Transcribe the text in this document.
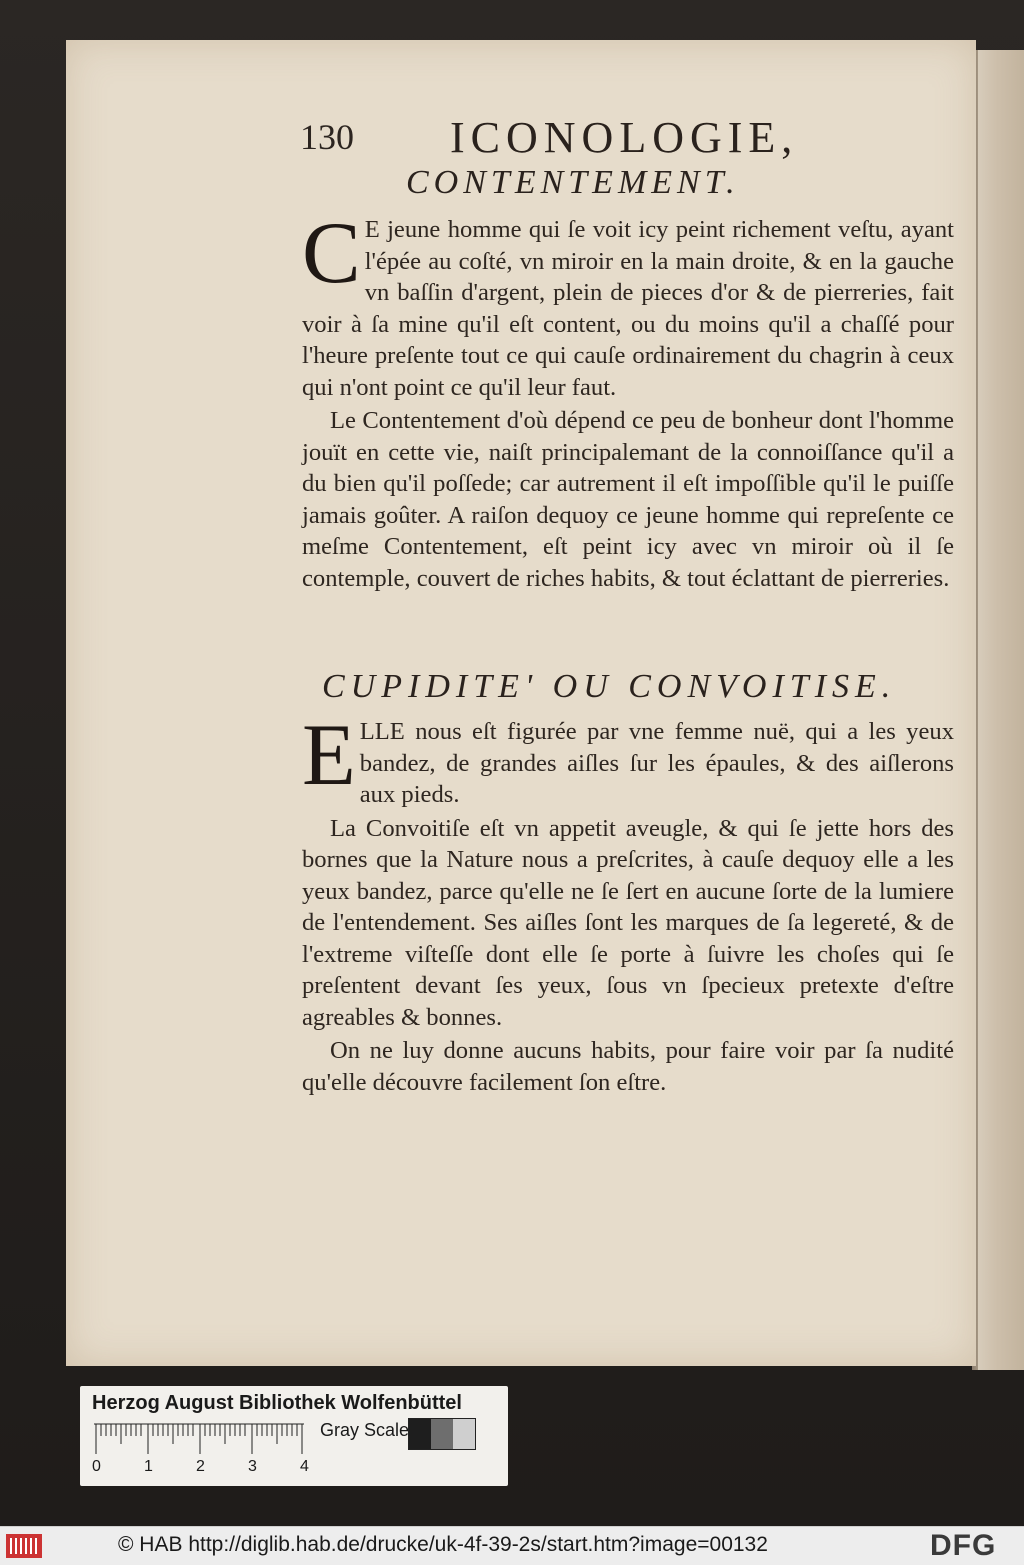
130 ICONOLOGIE,
CONTENTEMENT.

C E jeune homme qui ſe voit icy peint richement veſtu, ayant l'épée au coſté, vn miroir en la main droite, & en la gauche vn baſſin d'argent, plein de pieces d'or & de pierreries, fait voir à ſa mine qu'il eſt content, ou du moins qu'il a chaſſé pour l'heure preſente tout ce qui cauſe ordinairement du chagrin à ceux qui n'ont point ce qu'il leur faut.

Le Contentement d'où dépend ce peu de bonheur dont l'homme jouït en cette vie, naiſt principalemant de la connoiſſance qu'il a du bien qu'il poſſede; car autrement il eſt impoſſible qu'il le puiſſe jamais goûter. A raiſon dequoy ce jeune homme qui repreſente ce meſme Contentement, eſt peint icy avec vn miroir où il ſe contemple, couvert de riches habits, & tout éclattant de pierreries.

CUPIDITE' OU CONVOITISE.

ELLE nous eſt figurée par vne femme nuë, qui a les yeux bandez, de grandes aiſles ſur les épaules, & des aiſlerons aux pieds.

La Convoitiſe eſt vn appetit aveugle, & qui ſe jette hors des bornes que la Nature nous a preſcrites, à cauſe dequoy elle a les yeux bandez, parce qu'elle ne ſe ſert en aucune ſorte de la lumiere de l'entendement. Ses aiſles ſont les marques de ſa legereté, & de l'extreme viſteſſe dont elle ſe porte à ſuivre les choſes qui ſe preſentent devant ſes yeux, ſous vn ſpecieux pretexte d'eſtre agreables & bonnes.

On ne luy donne aucuns habits, pour faire voir par ſa nudité qu'elle découvre facilement ſon eſtre.

Herzog August Bibliothek Wolfenbüttel
0	1	2	3	4
Gray Scale
© HAB http://diglib.hab.de/drucke/uk-4f-39-2s/start.htm?image=00132	DFG
